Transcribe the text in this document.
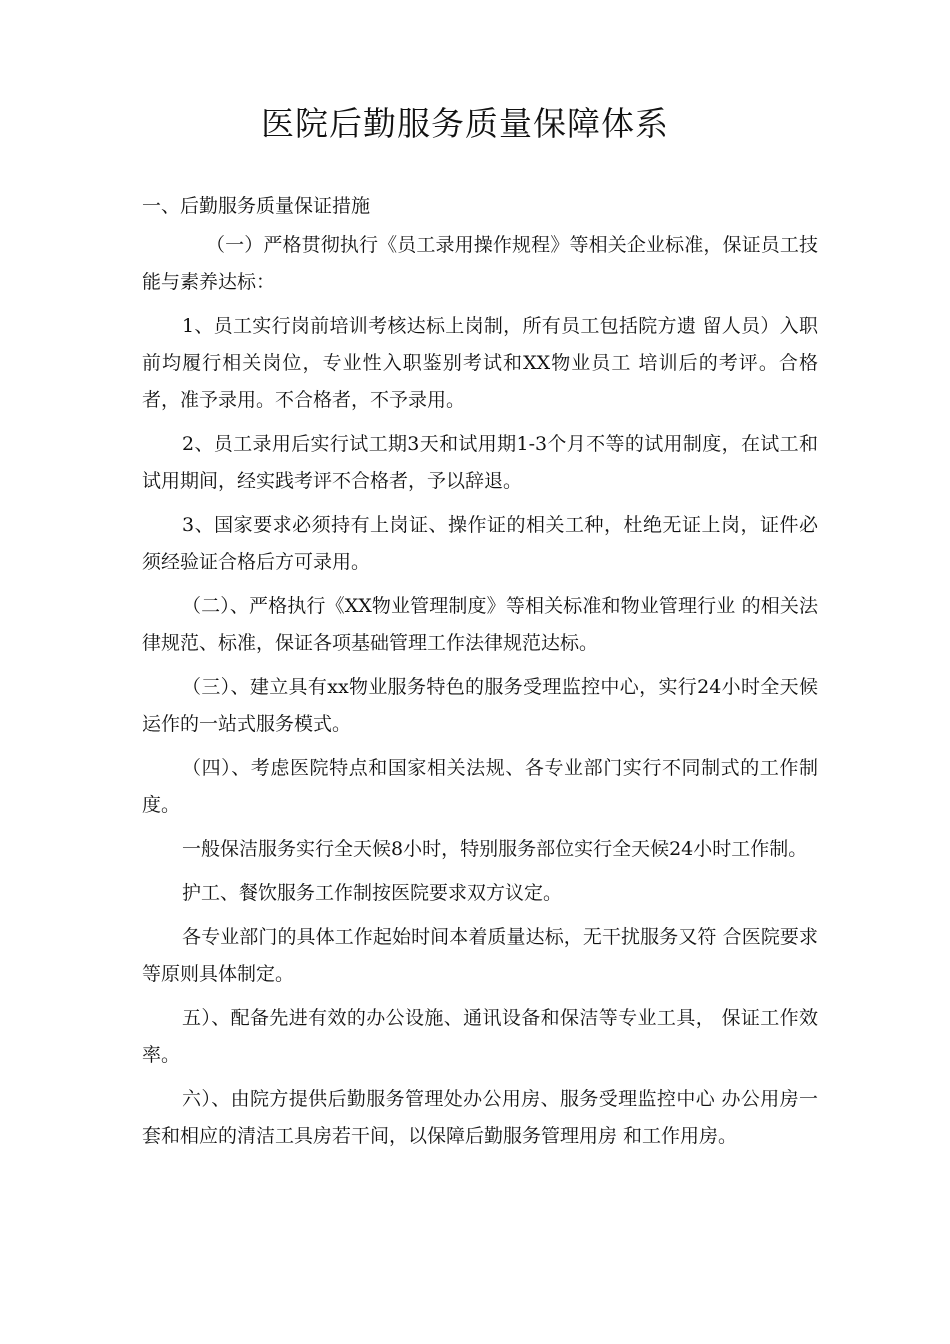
医院后勤服务质量保障体系

一、后勤服务质量保证措施

（一）严格贯彻执行《员工录用操作规程》等相关企业标准，保证员工技能与素养达标：

1、员工实行岗前培训考核达标上岗制，所有员工包括院方遗 留人员）入职前均履行相关岗位，专业性入职鉴别考试和XX物业员工 培训后的考评。合格者，准予录用。不合格者，不予录用。

2、员工录用后实行试工期3天和试用期1-3个月不等的试用制度，在试工和试用期间，经实践考评不合格者，予以辞退。

3、国家要求必须持有上岗证、操作证的相关工种，杜绝无证上岗，证件必须经验证合格后方可录用。

（二）、严格执行《XX物业管理制度》等相关标准和物业管理行业 的相关法律规范、标准，保证各项基础管理工作法律规范达标。

（三）、建立具有xx物业服务特色的服务受理监控中心，实行24小时全天候运作的一站式服务模式。

（四）、考虑医院特点和国家相关法规、各专业部门实行不同制式的工作制度。

一般保洁服务实行全天候8小时，特别服务部位实行全天候24小时工作制。

护工、餐饮服务工作制按医院要求双方议定。

各专业部门的具体工作起始时间本着质量达标，无干扰服务又符 合医院要求等原则具体制定。

五）、配备先进有效的办公设施、通讯设备和保洁等专业工具， 保证工作效率。

六）、由院方提供后勤服务管理处办公用房、服务受理监控中心 办公用房一套和相应的清洁工具房若干间，以保障后勤服务管理用房 和工作用房。
